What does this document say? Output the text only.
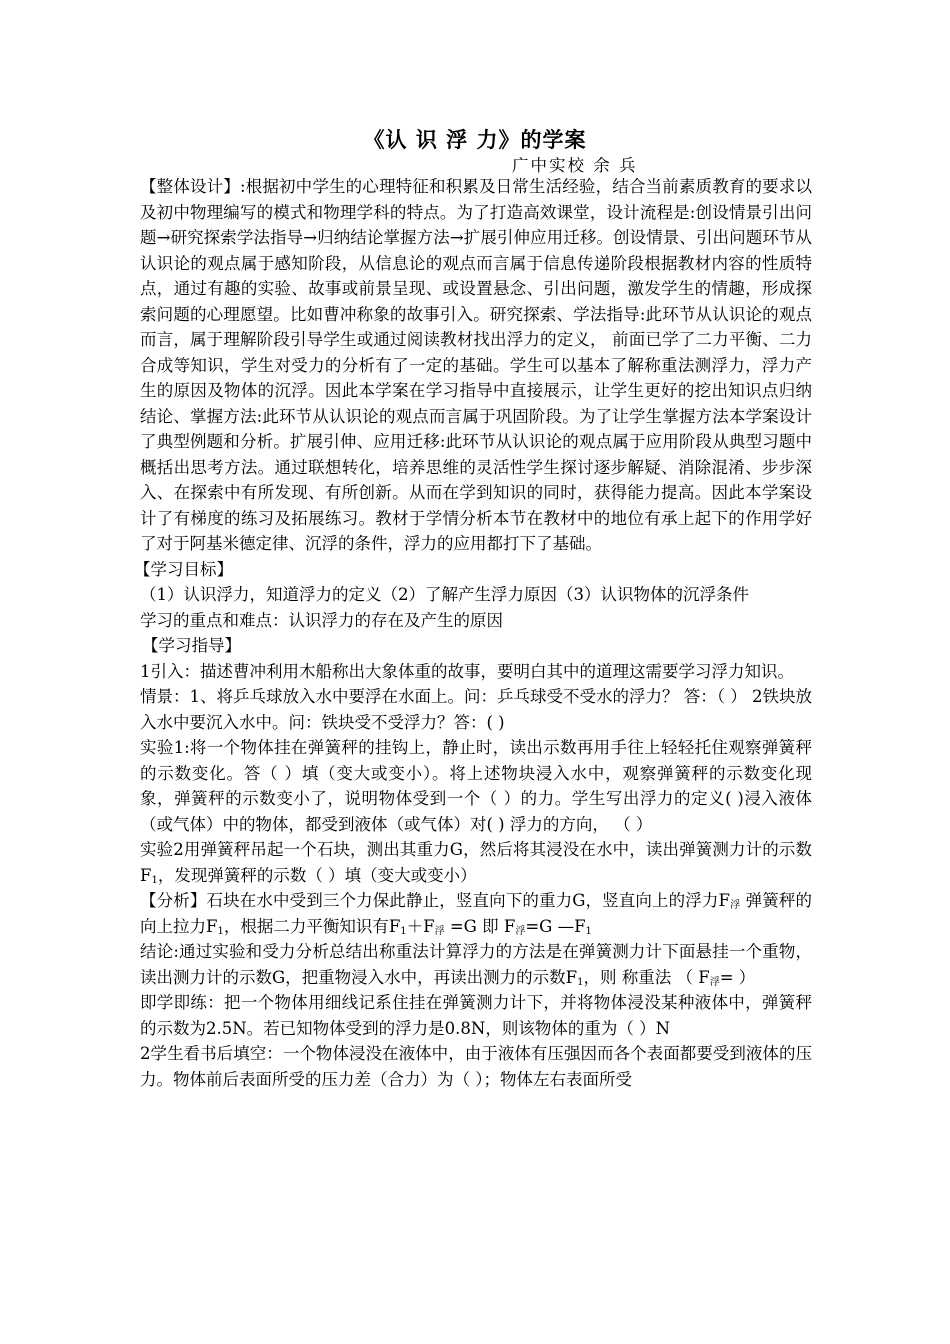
《认 识 浮 力》的学案
广中实校 余 兵

【整体设计】:根据初中学生的心理特征和积累及日常生活经验，结合当前素质教育的要求以及初中物理编写的模式和物理学科的特点。为了打造高效课堂，设计流程是:创设情景引出问题→研究探索学法指导→归纳结论掌握方法→扩展引伸应用迁移。创设情景、引出问题环节从认识论的观点属于感知阶段，从信息论的观点而言属于信息传递阶段根据教材内容的性质特点，通过有趣的实验、故事或前景呈现、或设置悬念、引出问题，激发学生的情趣，形成探索问题的心理愿望。比如曹冲称象的故事引入。研究探索、学法指导:此环节从认识论的观点而言，属于理解阶段引导学生或通过阅读教材找出浮力的定义， 前面已学了二力平衡、二力合成等知识，学生对受力的分析有了一定的基础。学生可以基本了解称重法测浮力，浮力产生的原因及物体的沉浮。因此本学案在学习指导中直接展示，让学生更好的挖出知识点归纳结论、掌握方法:此环节从认识论的观点而言属于巩固阶段。为了让学生掌握方法本学案设计了典型例题和分析。扩展引伸、应用迁移:此环节从认识论的观点属于应用阶段从典型习题中概括出思考方法。通过联想转化，培养思维的灵活性学生探讨逐步解疑、消除混淆、步步深入、在探索中有所发现、有所创新。从而在学到知识的同时，获得能力提高。因此本学案设计了有梯度的练习及拓展练习。教材于学情分析本节在教材中的地位有承上起下的作用学好了对于阿基米德定律、沉浮的条件，浮力的应用都打下了基础。

【学习目标】

（1）认识浮力，知道浮力的定义（2）了解产生浮力原因（3）认识物体的沉浮条件

学习的重点和难点：认识浮力的存在及产生的原因

【学习指导】

1引入：描述曹冲利用木船称出大象体重的故事，要明白其中的道理这需要学习浮力知识。

情景：1、将乒乓球放入水中要浮在水面上。问：乒乓球受不受水的浮力？ 答：（ ） 2铁块放入水中要沉入水中。问：铁块受不受浮力？答：( )

实验1:将一个物体挂在弹簧秤的挂钩上，静止时，读出示数再用手往上轻轻托住观察弹簧秤的示数变化。答（ ）填（变大或变小）。将上述物块浸入水中，观察弹簧秤的示数变化现象，弹簧秤的示数变小了，说明物体受到一个（ ）的力。学生写出浮力的定义( )浸入液体（或气体）中的物体，都受到液体（或气体）对( ) 浮力的方向， （ ）

实验2用弹簧秤吊起一个石块，测出其重力G，然后将其浸没在水中，读出弹簧测力计的示数$F_1$，发现弹簧秤的示数（ ）填（变大或变小）

【分析】石块在水中受到三个力保此静止，竖直向下的重力G，竖直向上的浮力$F_浮$ 弹簧秤的向上拉力$F_1$，根据二力平衡知识有$F_1+F_浮 =G$ 即 $F_浮=G$ $—F_1$

结论:通过实验和受力分析总结出称重法计算浮力的方法是在弹簧测力计下面悬挂一个重物，读出测力计的示数G，把重物浸入水中，再读出测力的示数$F_1$，则 称重法 （ $F_浮=$ ）

即学即练：把一个物体用细线记系住挂在弹簧测力计下，并将物体浸没某种液体中，弹簧秤的示数为2.5N。若已知物体受到的浮力是0.8N，则该物体的重为（ ）N

2学生看书后填空：一个物体浸没在液体中，由于液体有压强因而各个表面都要受到液体的压力。物体前后表面所受的压力差（合力）为（ ）；物体左右表面所受
